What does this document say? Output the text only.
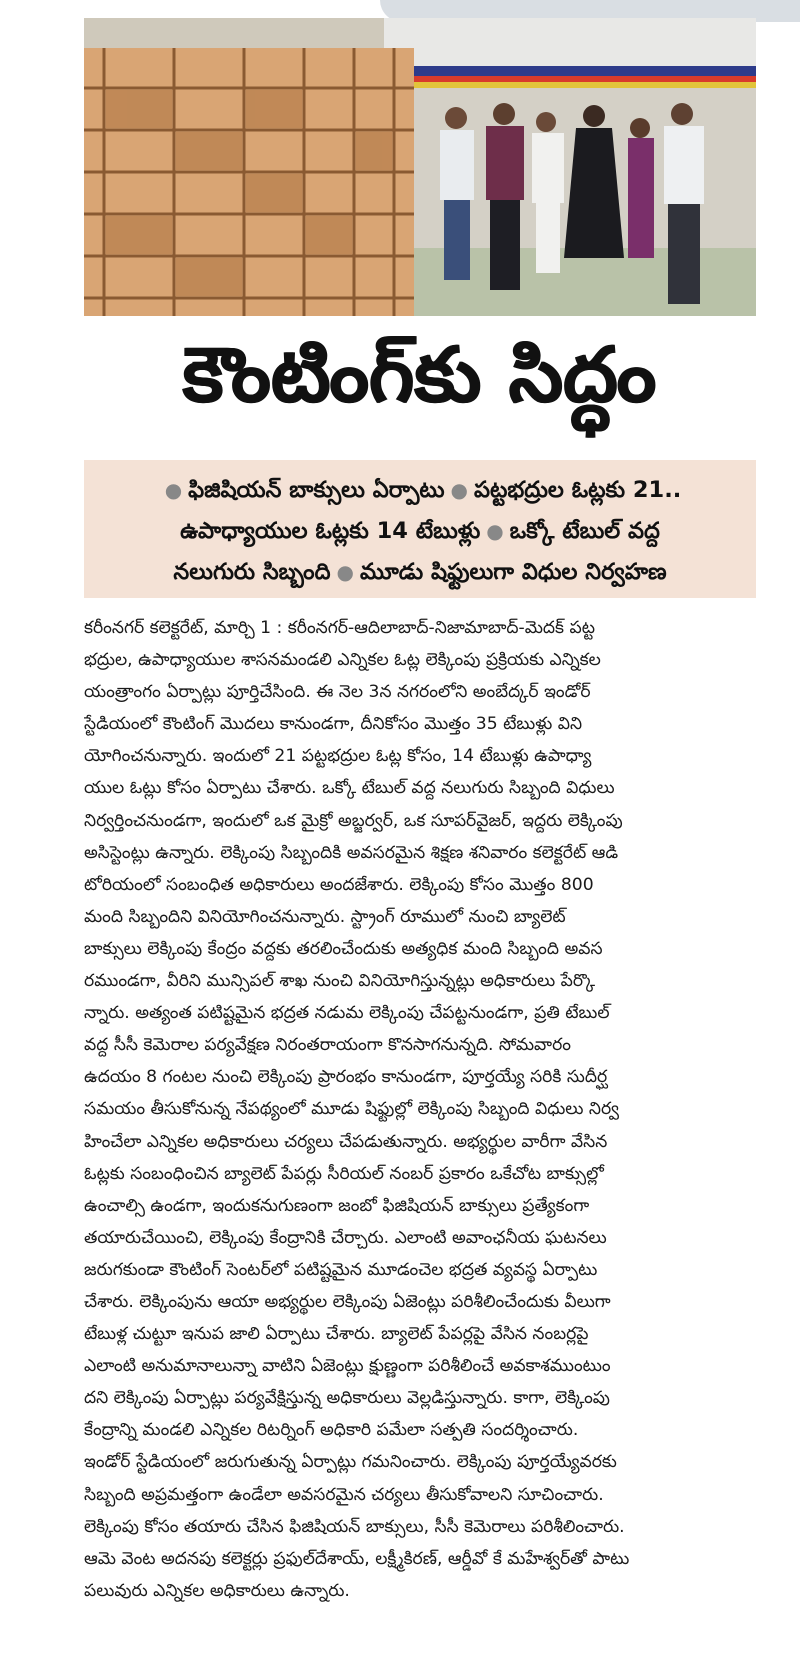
కౌంటింగ్‌కు సిద్ధం
● ఫిజిషియన్ బాక్సులు ఏర్పాటు ● పట్టభద్రుల ఓట్లకు 21..
ఉపాధ్యాయుల ఓట్లకు 14 టేబుళ్లు ● ఒక్కో టేబుల్ వద్ద
నలుగురు సిబ్బంది ● మూడు షిఫ్టులుగా విధుల నిర్వహణ
కరీంనగర్ కలెక్టరేట్, మార్చి 1 : కరీంనగర్-ఆదిలాబాద్-నిజామాబాద్-మెదక్ పట్ట
భద్రుల, ఉపాధ్యాయుల శాసనమండలి ఎన్నికల ఓట్ల లెక్కింపు ప్రక్రియకు ఎన్నికల
యంత్రాంగం ఏర్పాట్లు పూర్తిచేసింది. ఈ నెల 3న నగరంలోని అంబేద్కర్ ఇండోర్
స్టేడియంలో కౌంటింగ్ మొదలు కానుండగా, దీనికోసం మొత్తం 35 టేబుళ్లు విని
యోగించనున్నారు. ఇందులో 21 పట్టభద్రుల ఓట్ల కోసం, 14 టేబుళ్లు ఉపాధ్యా
యుల ఓట్లు కోసం ఏర్పాటు చేశారు. ఒక్కో టేబుల్ వద్ద నలుగురు సిబ్బంది విధులు
నిర్వర్తించనుండగా, ఇందులో ఒక మైక్రో అబ్జర్వర్, ఒక సూపర్‌వైజర్, ఇద్దరు లెక్కింపు
అసిస్టెంట్లు ఉన్నారు. లెక్కింపు సిబ్బందికి అవసరమైన శిక్షణ శనివారం కలెక్టరేట్ ఆడి
టోరియంలో సంబంధిత అధికారులు అందజేశారు. లెక్కింపు కోసం మొత్తం 800
మంది సిబ్బందిని వినియోగించనున్నారు. స్ట్రాంగ్ రూములో నుంచి బ్యాలెట్
బాక్సులు లెక్కింపు కేంద్రం వద్దకు తరలించేందుకు అత్యధిక మంది సిబ్బంది అవస
రముండగా, వీరిని మున్సిపల్ శాఖ నుంచి వినియోగిస్తున్నట్లు అధికారులు పేర్కొ
న్నారు. అత్యంత పటిష్టమైన భద్రత నడుమ లెక్కింపు చేపట్టనుండగా, ప్రతి టేబుల్
వద్ద సీసీ కెమెరాల పర్యవేక్షణ నిరంతరాయంగా కొనసాగనున్నది. సోమవారం
ఉదయం 8 గంటల నుంచి లెక్కింపు ప్రారంభం కానుండగా, పూర్తయ్యే సరికి సుదీర్ఘ
సమయం తీసుకోనున్న నేపథ్యంలో మూడు షిఫ్టుల్లో లెక్కింపు సిబ్బంది విధులు నిర్వ
హించేలా ఎన్నికల అధికారులు చర్యలు చేపడుతున్నారు. అభ్యర్థుల వారీగా వేసిన
ఓట్లకు సంబంధించిన బ్యాలెట్ పేపర్లు సీరియల్ నంబర్ ప్రకారం ఒకేచోట బాక్సుల్లో
ఉంచాల్సి ఉండగా, ఇందుకనుగుణంగా జంబో ఫిజిషియన్ బాక్సులు ప్రత్యేకంగా
తయారుచేయించి, లెక్కింపు కేంద్రానికి చేర్చారు. ఎలాంటి అవాంఛనీయ ఘటనలు
జరుగకుండా కౌంటింగ్ సెంటర్‌లో పటిష్టమైన మూడంచెల భద్రత వ్యవస్థ ఏర్పాటు
చేశారు. లెక్కింపును ఆయా అభ్యర్థుల లెక్కింపు ఏజెంట్లు పరిశీలించేందుకు వీలుగా
టేబుళ్ల చుట్టూ ఇనుప జాలి ఏర్పాటు చేశారు. బ్యాలెట్ పేపర్లపై వేసిన నంబర్లపై
ఎలాంటి అనుమానాలున్నా వాటిని ఏజెంట్లు క్షుణ్ణంగా పరిశీలించే అవకాశముంటుం
దని లెక్కింపు ఏర్పాట్లు పర్యవేక్షిస్తున్న అధికారులు వెల్లడిస్తున్నారు. కాగా, లెక్కింపు
కేంద్రాన్ని మండలి ఎన్నికల రిటర్నింగ్ అధికారి పమేలా సత్పతి సందర్శించారు.
ఇండోర్ స్టేడియంలో జరుగుతున్న ఏర్పాట్లు గమనించారు. లెక్కింపు పూర్తయ్యేవరకు
సిబ్బంది అప్రమత్తంగా ఉండేలా అవసరమైన చర్యలు తీసుకోవాలని సూచించారు.
లెక్కింపు కోసం తయారు చేసిన ఫిజిషియన్ బాక్సులు, సీసీ కెమెరాలు పరిశీలించారు.
ఆమె వెంట అదనపు కలెక్టర్లు ప్రఫుల్‌దేశాయ్, లక్ష్మీకిరణ్, ఆర్డీవో కే మహేశ్వర్‌తో పాటు
పలువురు ఎన్నికల అధికారులు ఉన్నారు.
